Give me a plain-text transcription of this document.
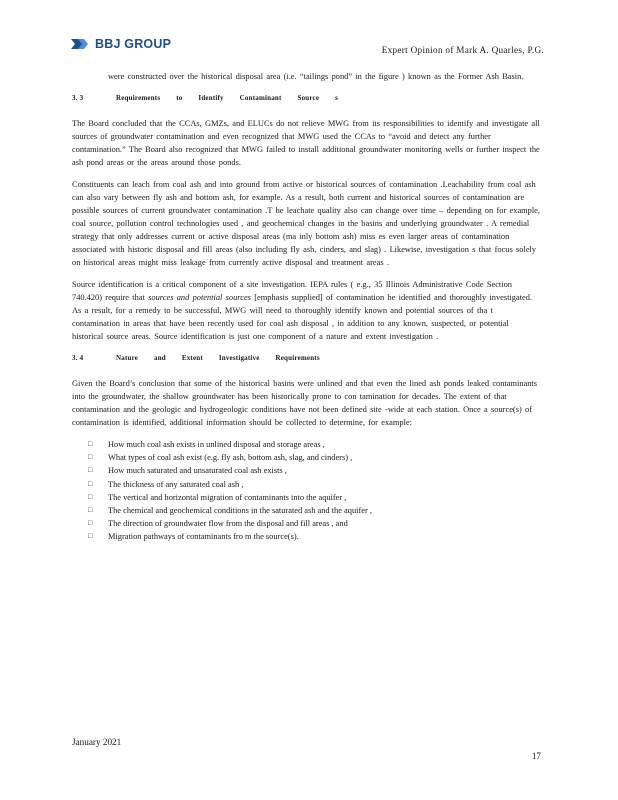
BBJ GROUP	Expert Opinion of Mark A. Quarles, P.G.

were constructed over the historical disposal area (i.e. “tailings pond” in the figure ) known as the Former Ash Basin.

3. 3	Requirements to Identify Contaminant Source s

The Board concluded that the CCAs, GMZs, and ELUCs do not relieve MWG from its responsibilities to identify and investigate all sources of groundwater contamination and even recognized that MWG used the CCAs to “avoid and detect any further contamination.” The Board also recognized that MWG failed to install additional groundwater monitoring wells or further inspect the ash pond areas or the areas around those ponds.

Constituents can leach from coal ash and into ground from active or historical sources of contamination .Leachability from coal ash can also vary between fly ash and bottom ash, for example. As a result, both current and historical sources of contamination are possible sources of current groundwater contamination .T he leachate quality also can change over time – depending on for example, coal source, pollution control technologies used , and geochemical changes in the basins and underlying groundwater . A remedial strategy that only addresses current or active disposal areas (ma inly bottom ash) miss es even larger areas of contamination associated with historic disposal and fill areas (also including fly ash, cinders, and slag) . Likewise, investigation s that focus solely on historical areas might miss leakage from currently active disposal and treatment areas .

Source identification is a critical component of a site investigation. IEPA rules ( e.g., 35 Illinois Administrative Code Section 740.420) require that sources and potential sources [emphasis supplied] of contamination be identified and thoroughly investigated. As a result, for a remedy to be successful, MWG will need to thoroughly identify known and potential sources of tha t contamination in areas that have been recently used for coal ash disposal , in addition to any known, suspected, or potential historical source areas. Source identification is just one component of a nature and extent investigation .

3. 4	Nature and Extent Investigative Requirements

Given the Board’s conclusion that some of the historical basins were unlined and that even the lined ash ponds leaked contaminants into the groundwater, the shallow groundwater has been historically prone to con tamination for decades. The extent of that contamination and the geologic and hydrogeologic conditions have not been defined site -wide at each station. Once a source(s) of contamination is identified, additional information should be collected to determine, for example:

□	How much coal ash exists in unlined disposal and storage areas ,
□	What types of coal ash exist (e.g. fly ash, bottom ash, slag, and cinders) ,
□	How much saturated and unsaturated coal ash exists ,
□	The thickness of any saturated coal ash ,
□	The vertical and horizontal migration of contaminants into the aquifer ,
□	The chemical and geochemical conditions in the saturated ash and the aquifer ,
□	The direction of groundwater flow from the disposal and fill areas , and
□	Migration pathways of contaminants fro m the source(s).
January 2021
17
